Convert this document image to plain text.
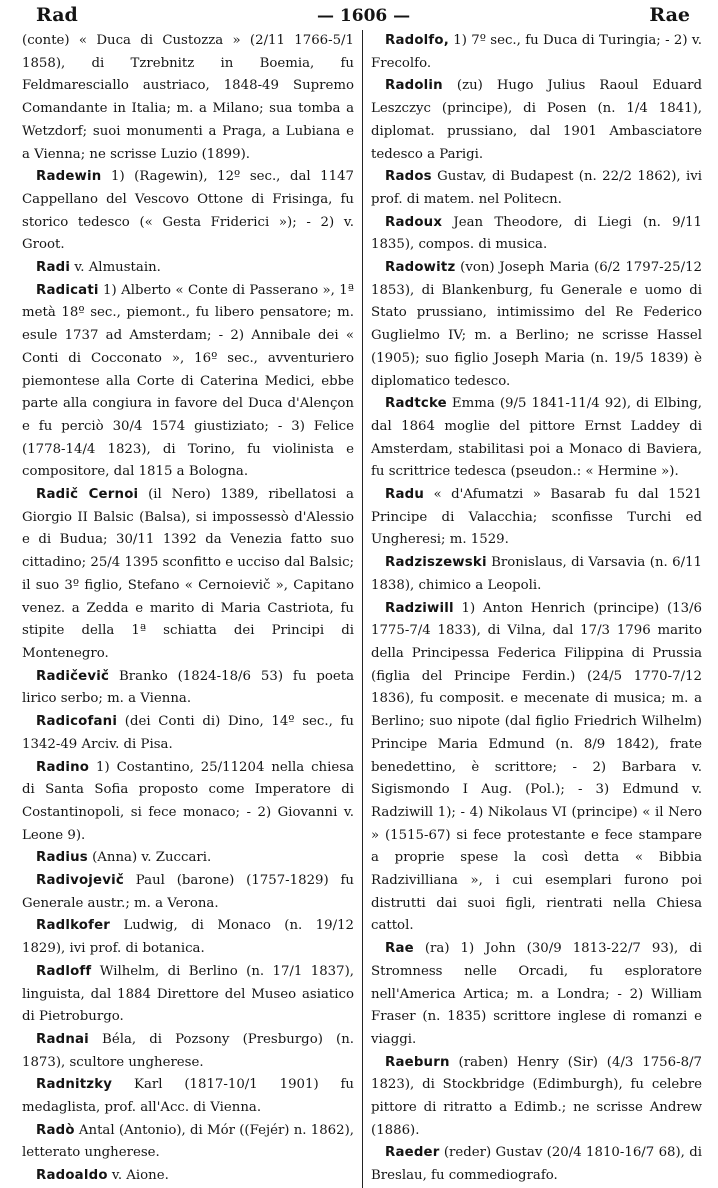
Rad	— 1606 —	Rae

(conte) « Duca di Custozza » (2/11 1766-5/1 1858), di Tzrebnitz in Boemia, fu Feldmaresciallo austriaco, 1848-49 Supremo Comandante in Italia; m. a Milano; sua tomba a Wetzdorf; suoi monumenti a Praga, a Lubiana e a Vienna; ne scrisse Luzio (1899).

Radewin 1) (Ragewin), 12º sec., dal 1147 Cappellano del Vescovo Ottone di Frisinga, fu storico tedesco (« Gesta Friderici »); - 2) v. Groot.

Radi v. Almustain.

Radicati 1) Alberto « Conte di Passerano », 1ª metà 18º sec., piemont., fu libero pensatore; m. esule 1737 ad Amsterdam; - 2) Annibale dei « Conti di Cocconato », 16º sec., avventuriero piemontese alla Corte di Caterina Medici, ebbe parte alla congiura in favore del Duca d'Alençon e fu perciò 30/4 1574 giustiziato; - 3) Felice (1778-14/4 1823), di Torino, fu violinista e compositore, dal 1815 a Bologna.

Radič Cernoi (il Nero) 1389, ribellatosi a Giorgio II Balsic (Balsa), si impossessò d'Alessio e di Budua; 30/11 1392 da Venezia fatto suo cittadino; 25/4 1395 sconfitto e ucciso dal Balsic; il suo 3º figlio, Stefano « Cernoievič », Capitano venez. a Zedda e marito di Maria Castriota, fu stipite della 1ª schiatta dei Principi di Montenegro.

Radičevič Branko (1824-18/6 53) fu poeta lirico serbo; m. a Vienna.

Radicofani (dei Conti di) Dino, 14º sec., fu 1342-49 Arciv. di Pisa.

Radino 1) Costantino, 25/11204 nella chiesa di Santa Sofia proposto come Imperatore di Costantinopoli, si fece monaco; - 2) Giovanni v. Leone 9).

Radius (Anna) v. Zuccari.

Radivojevič Paul (barone) (1757-1829) fu Generale austr.; m. a Verona.

Radlkofer Ludwig, di Monaco (n. 19/12 1829), ivi prof. di botanica.

Radloff Wilhelm, di Berlino (n. 17/1 1837), linguista, dal 1884 Direttore del Museo asiatico di Pietroburgo.

Radnai Béla, di Pozsony (Presburgo) (n. 1873), scultore ungherese.

Radnitzky Karl (1817-10/1 1901) fu medaglista, prof. all'Acc. di Vienna.

Radò Antal (Antonio), di Mór ((Fejér) n. 1862), letterato ungherese.

Radoaldo v. Aione.

Radolfo, 1) 7º sec., fu Duca di Turingia; - 2) v. Frecolfo.

Radolin (zu) Hugo Julius Raoul Eduard Leszczyc (principe), di Posen (n. 1/4 1841), diplomat. prussiano, dal 1901 Ambasciatore tedesco a Parigi.

Rados Gustav, di Budapest (n. 22/2 1862), ivi prof. di matem. nel Politecn.

Radoux Jean Theodore, di Liegi (n. 9/11 1835), compos. di musica.

Radowitz (von) Joseph Maria (6/2 1797-25/12 1853), di Blankenburg, fu Generale e uomo di Stato prussiano, intimissimo del Re Federico Guglielmo IV; m. a Berlino; ne scrisse Hassel (1905); suo figlio Joseph Maria (n. 19/5 1839) è diplomatico tedesco.

Radtcke Emma (9/5 1841-11/4 92), di Elbing, dal 1864 moglie del pittore Ernst Laddey di Amsterdam, stabilitasi poi a Monaco di Baviera, fu scrittrice tedesca (pseudon.: « Hermine »).

Radu « d'Afumatzi » Basarab fu dal 1521 Principe di Valacchia; sconfisse Turchi ed Ungheresi; m. 1529.

Radziszewski Bronislaus, di Varsavia (n. 6/11 1838), chimico a Leopoli.

Radziwill 1) Anton Henrich (principe) (13/6 1775-7/4 1833), di Vilna, dal 17/3 1796 marito della Principessa Federica Filippina di Prussia (figlia del Principe Ferdin.) (24/5 1770-7/12 1836), fu composit. e mecenate di musica; m. a Berlino; suo nipote (dal figlio Friedrich Wilhelm) Principe Maria Edmund (n. 8/9 1842), frate benedettino, è scrittore; - 2) Barbara v. Sigismondo I Aug. (Pol.); - 3) Edmund v. Radziwill 1); - 4) Nikolaus VI (principe) « il Nero » (1515-67) si fece protestante e fece stampare a proprie spese la così detta « Bibbia Radzivilliana », i cui esemplari furono poi distrutti dai suoi figli, rientrati nella Chiesa cattol.

Rae (ra) 1) John (30/9 1813-22/7 93), di Stromness nelle Orcadi, fu esploratore nell'America Artica; m. a Londra; - 2) William Fraser (n. 1835) scrittore inglese di romanzi e viaggi.

Raeburn (raben) Henry (Sir) (4/3 1756-8/7 1823), di Stockbridge (Edimburgh), fu celebre pittore di ritratto a Edimb.; ne scrisse Andrew (1886).

Raeder (reder) Gustav (20/4 1810-16/7 68), di Breslau, fu commediografo.
